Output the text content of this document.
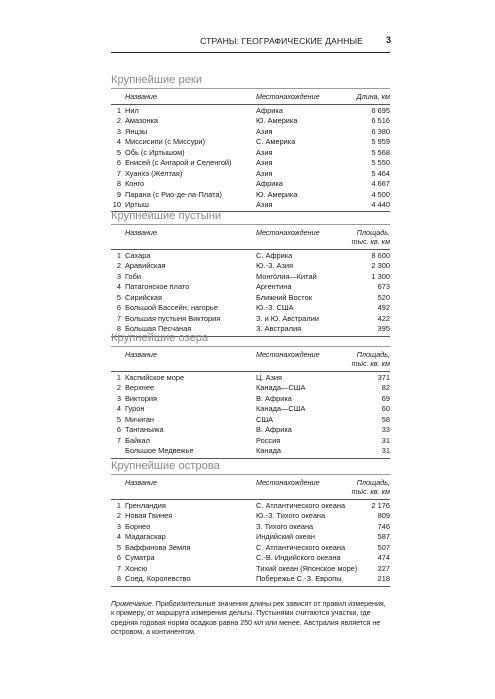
СТРАНЫ: ГЕОГРАФИЧЕСКИЕ ДАННЫЕ	3
Крупнейшие реки
Название	Местонахождение	Длина, км
1 Нил	Африка	6 695
2 Амазонка	Ю. Америка	6 516
3 Янцзы	Азия	6 380
4 Миссисипи (с Миссури)	С. Америка	5 959
5 Обь (с Иртышом)	Азия	5 568
6 Енисей (с Ангарой и Селенгой)	Азия	5 550
7 Хуанхэ (Желтая)	Азия	5 464
8 Конго	Африка	4 667
9 Парана (с Рио-де-ла-Плата)	Ю. Америка	4 500
10 Иртыш	Азия	4 440
Крупнейшие пустыни
Название	Местонахождение	Площадь,
тыс. кв. км
1 Сахара	С. Африка	8 600
2 Аравийская	Ю.-З. Азия	2 300
3 Гоби	Монголия—Китай	1 300
4 Патагонское плато	Аргентина	673
5 Сирийская	Ближний Восток	520
6 Большой Бассейн, нагорье	Ю.-З. США	492
7 Большая пустыня Виктория	З. и Ю. Австралии	422
8 Большая Песчаная	З. Австралия	395
Крупнейшие озера
Название	Местонахождение	Площадь,
тыс. кв. км
1 Каспийское море	Ц. Азия	371
2 Верхнее	Канада—США	82
3 Виктория	В. Африка	69
4 Гурон	Канада—США	60
5 Мичиган	США	58
6 Танганьика	В. Африка	33
7 Байкал	Россия	31
Большое Медвежье	Канада	31
Крупнейшие острова
Название	Местонахождение	Площадь,
тыс. кв. км
1 Гренландия	С. Атлантического океана	2 176
2 Новая Гвинея	Ю.-З. Тихого океана	809
3 Борнео	З. Тихого океана	746
4 Мадагаскар	Индийский океан	587
5 Баффинова Земля	С. Атлантического океана	507
6 Суматра	С.-В. Индийского океана	474
7 Хонсю	Тихий океан (Японское море)	227
8 Соед. Королевство	Побережье С.-З. Европы	218

Примечание. Приблизительные значения длины рек зависят от правил измерения, к примеру, от маршрута измерения дельты. Пустынями считаются участки, где средняя годовая норма осадков равна 250 мл или менее. Австралия является не островом, а континентом.
